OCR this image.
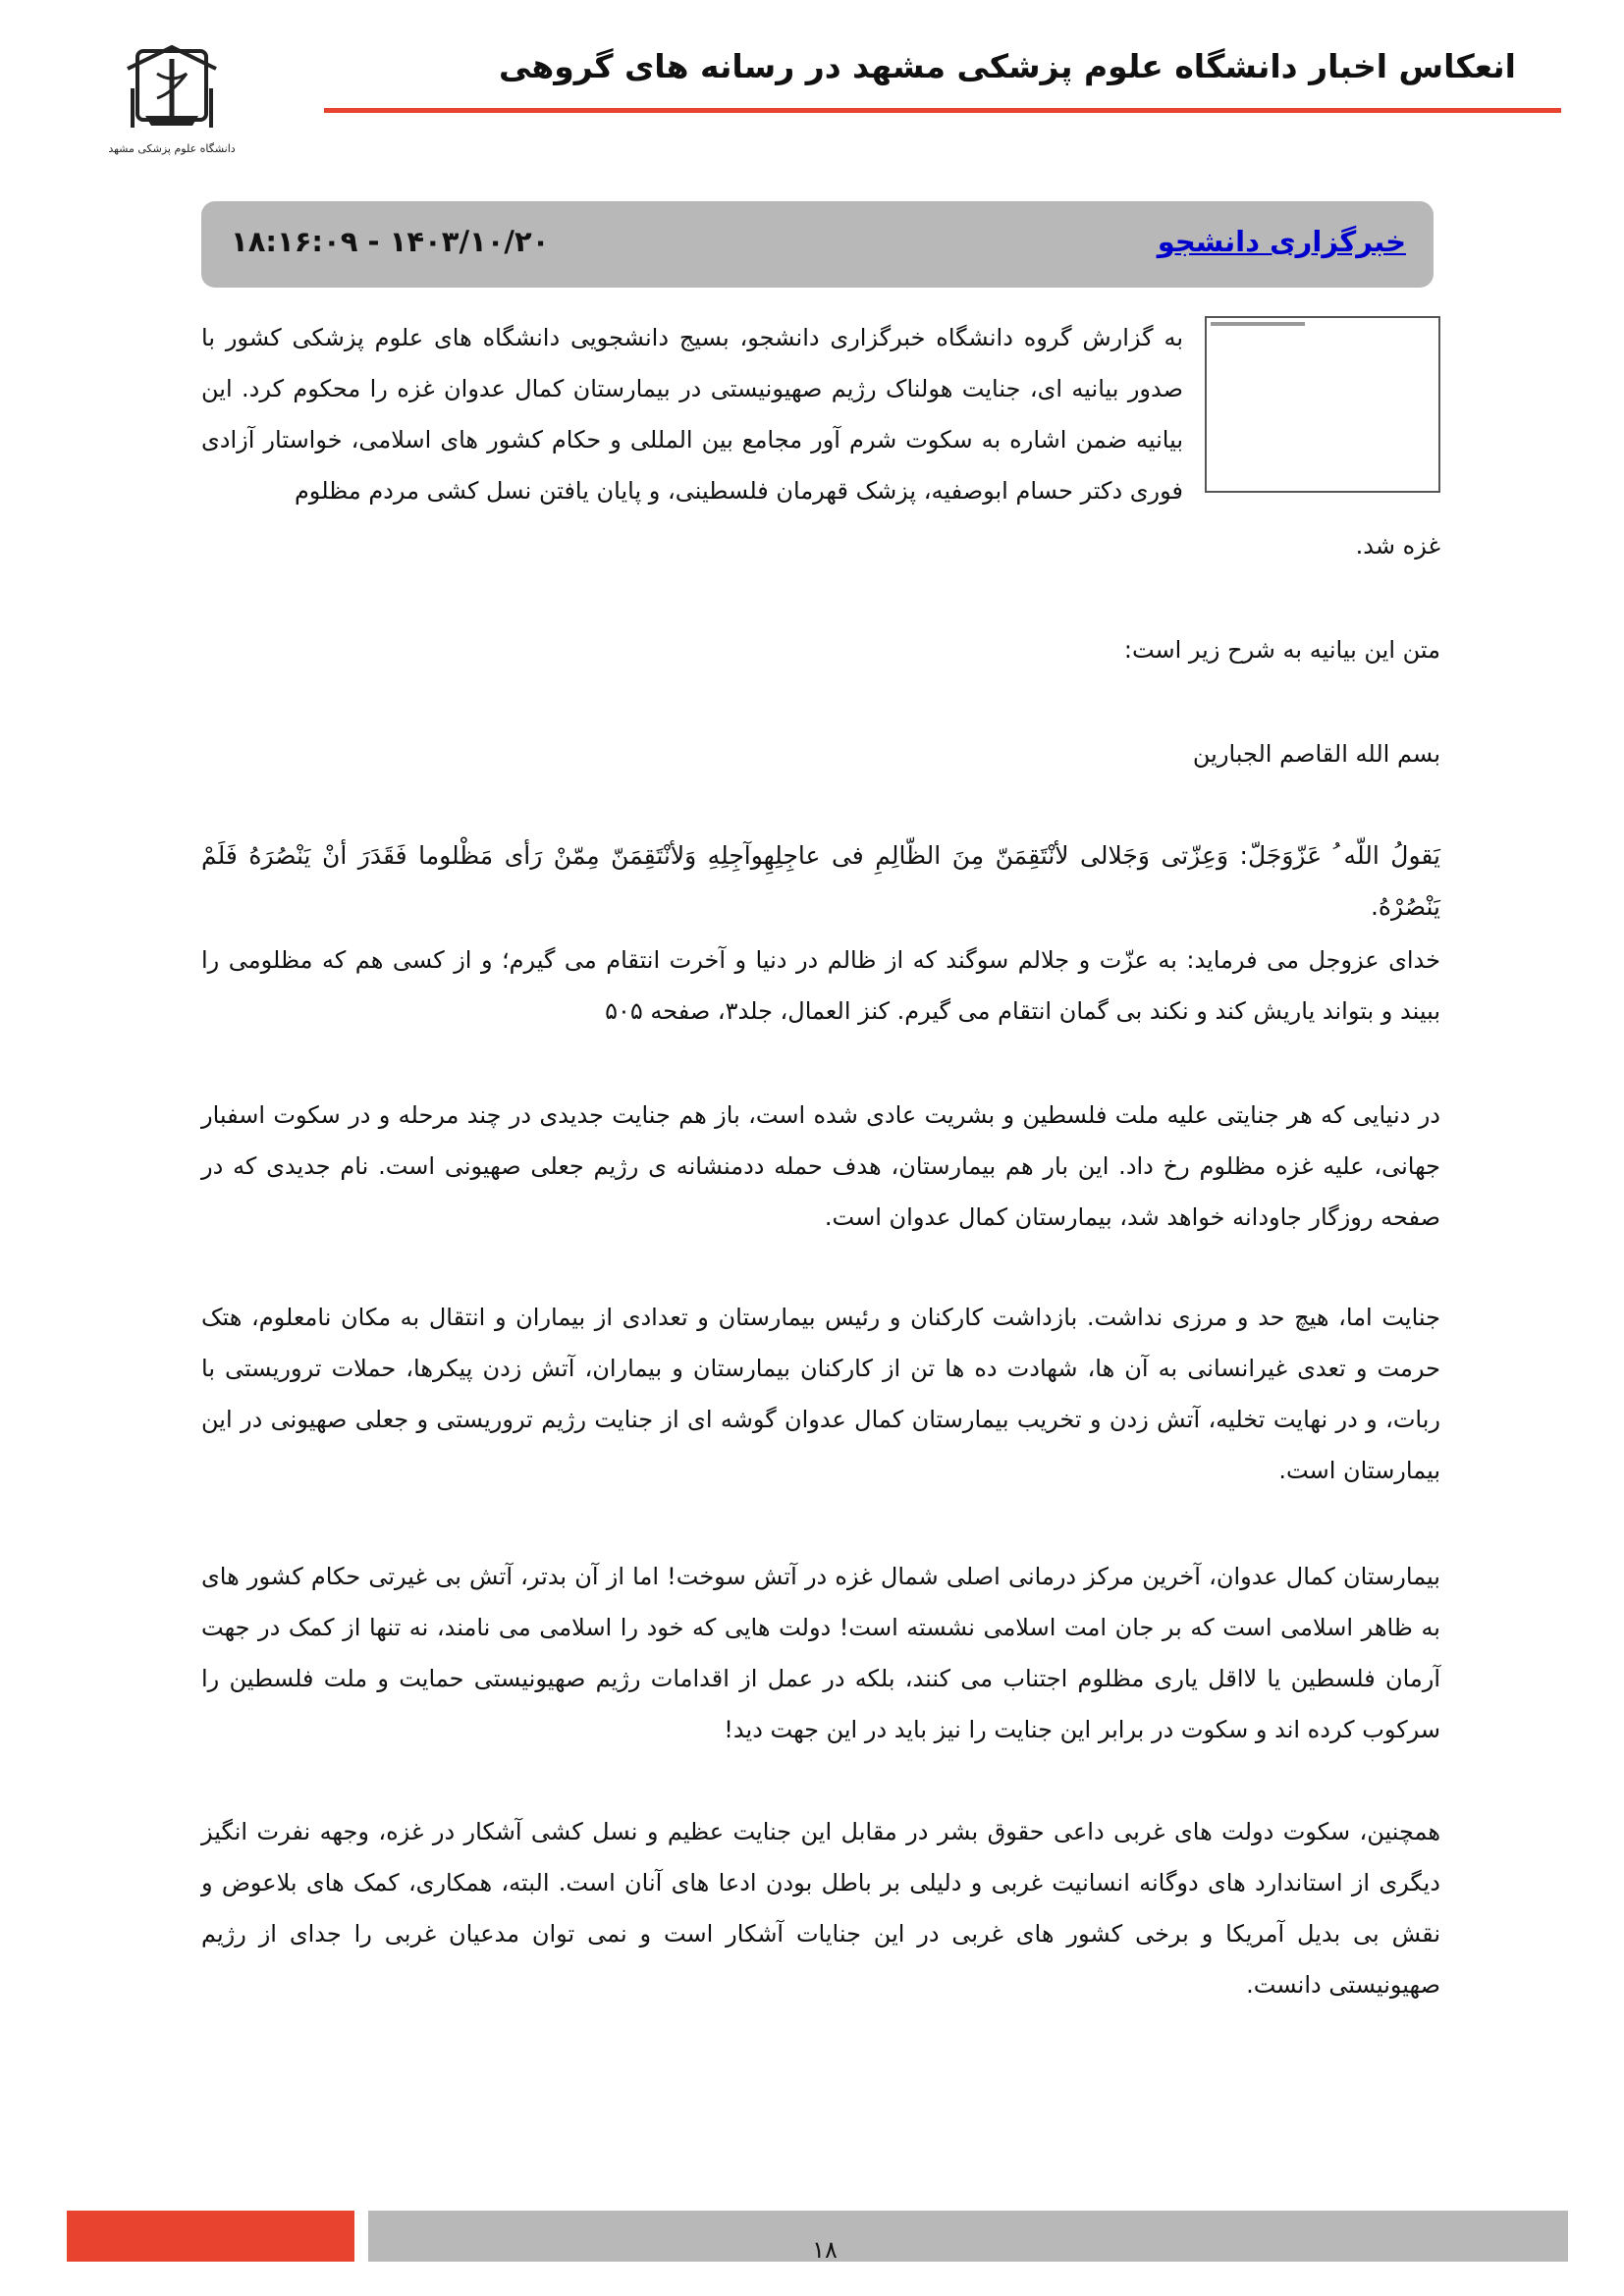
دانشگاه علوم پزشکی مشهد
انعکاس اخبار دانشگاه علوم پزشکی مشهد در رسانه های گروهی
خبرگزاری دانشجو
۱۴۰۳/۱۰/۲۰ - ۱۸:۱۶:۰۹

به گزارش گروه دانشگاه خبرگزاری دانشجو، بسیج دانشجویی دانشگاه های علوم پزشکی کشور با صدور بیانیه ای، جنایت هولناک رژیم صهیونیستی در بیمارستان کمال عدوان غزه را محکوم کرد. این بیانیه ضمن اشاره به سکوت شرم آور مجامع بین المللی و حکام کشور های اسلامی، خواستار آزادی فوری دکتر حسام ابوصفیه، پزشک قهرمان فلسطینی، و پایان یافتن نسل کشی مردم مظلوم

غزه شد.

متن این بیانیه به شرح زیر است:

بسم الله القاصم الجبارین

یَقولُ اللّه ُ عَزّوَجَلّ: وَعِزّتی وَجَلالی لأنْتَقِمَنّ مِنَ الظّالِمِ فی عاجِلِهِوآجِلِهِ وَلأنْتَقِمَنّ مِمّنْ رَأى مَظْلوما فَقَدَرَ أنْ یَنْصُرَهُ فَلَمْ یَنْصُرْهُ.

خدای عزوجل می فرماید: به عزّت و جلالم سوگند که از ظالم در دنیا و آخرت انتقام می گیرم؛ و از کسی هم که مظلومی را ببیند و بتواند یاریش کند و نکند بی گمان انتقام می گیرم. کنز العمال، جلد۳، صفحه ۵۰۵

در دنیایی که هر جنایتی علیه ملت فلسطین و بشریت عادی شده است، باز هم جنایت جدیدی در چند مرحله و در سکوت اسفبار جهانی، علیه غزه مظلوم رخ داد. این بار هم بیمارستان، هدف حمله ددمنشانه ی رژیم جعلی صهیونی است. نام جدیدی که در صفحه روزگار جاودانه خواهد شد، بیمارستان کمال عدوان است.

جنایت اما، هیچ حد و مرزی نداشت. بازداشت کارکنان و رئیس بیمارستان و تعدادی از بیماران و انتقال به مکان نامعلوم، هتک حرمت و تعدی غیرانسانی به آن ها، شهادت ده ها تن از کارکنان بیمارستان و بیماران، آتش زدن پیکرها، حملات تروریستی با ربات، و در نهایت تخلیه، آتش زدن و تخریب بیمارستان کمال عدوان گوشه ای از جنایت رژیم تروریستی و جعلی صهیونی در این بیمارستان است.

بیمارستان کمال عدوان، آخرین مرکز درمانی اصلی شمال غزه در آتش سوخت! اما از آن بدتر، آتش بی غیرتی حکام کشور های به ظاهر اسلامی است که بر جان امت اسلامی نشسته است! دولت هایی که خود را اسلامی می نامند، نه تنها از کمک در جهت آرمان فلسطین یا لااقل یاری مظلوم اجتناب می کنند، بلکه در عمل از اقدامات رژیم صهیونیستی حمایت و ملت فلسطین را سرکوب کرده اند و سکوت در برابر این جنایت را نیز باید در این جهت دید!

همچنین، سکوت دولت های غربی داعی حقوق بشر در مقابل این جنایت عظیم و نسل کشی آشکار در غزه، وجهه نفرت انگیز دیگری از استاندارد های دوگانه انسانیت غربی و دلیلی بر باطل بودن ادعا های آنان است. البته، همکاری، کمک های بلاعوض و نقش بی بدیل آمریکا و برخی کشور های غربی در این جنایات آشکار است و نمی توان مدعیان غربی را جدای از رژیم صهیونیستی دانست.

۱۸
